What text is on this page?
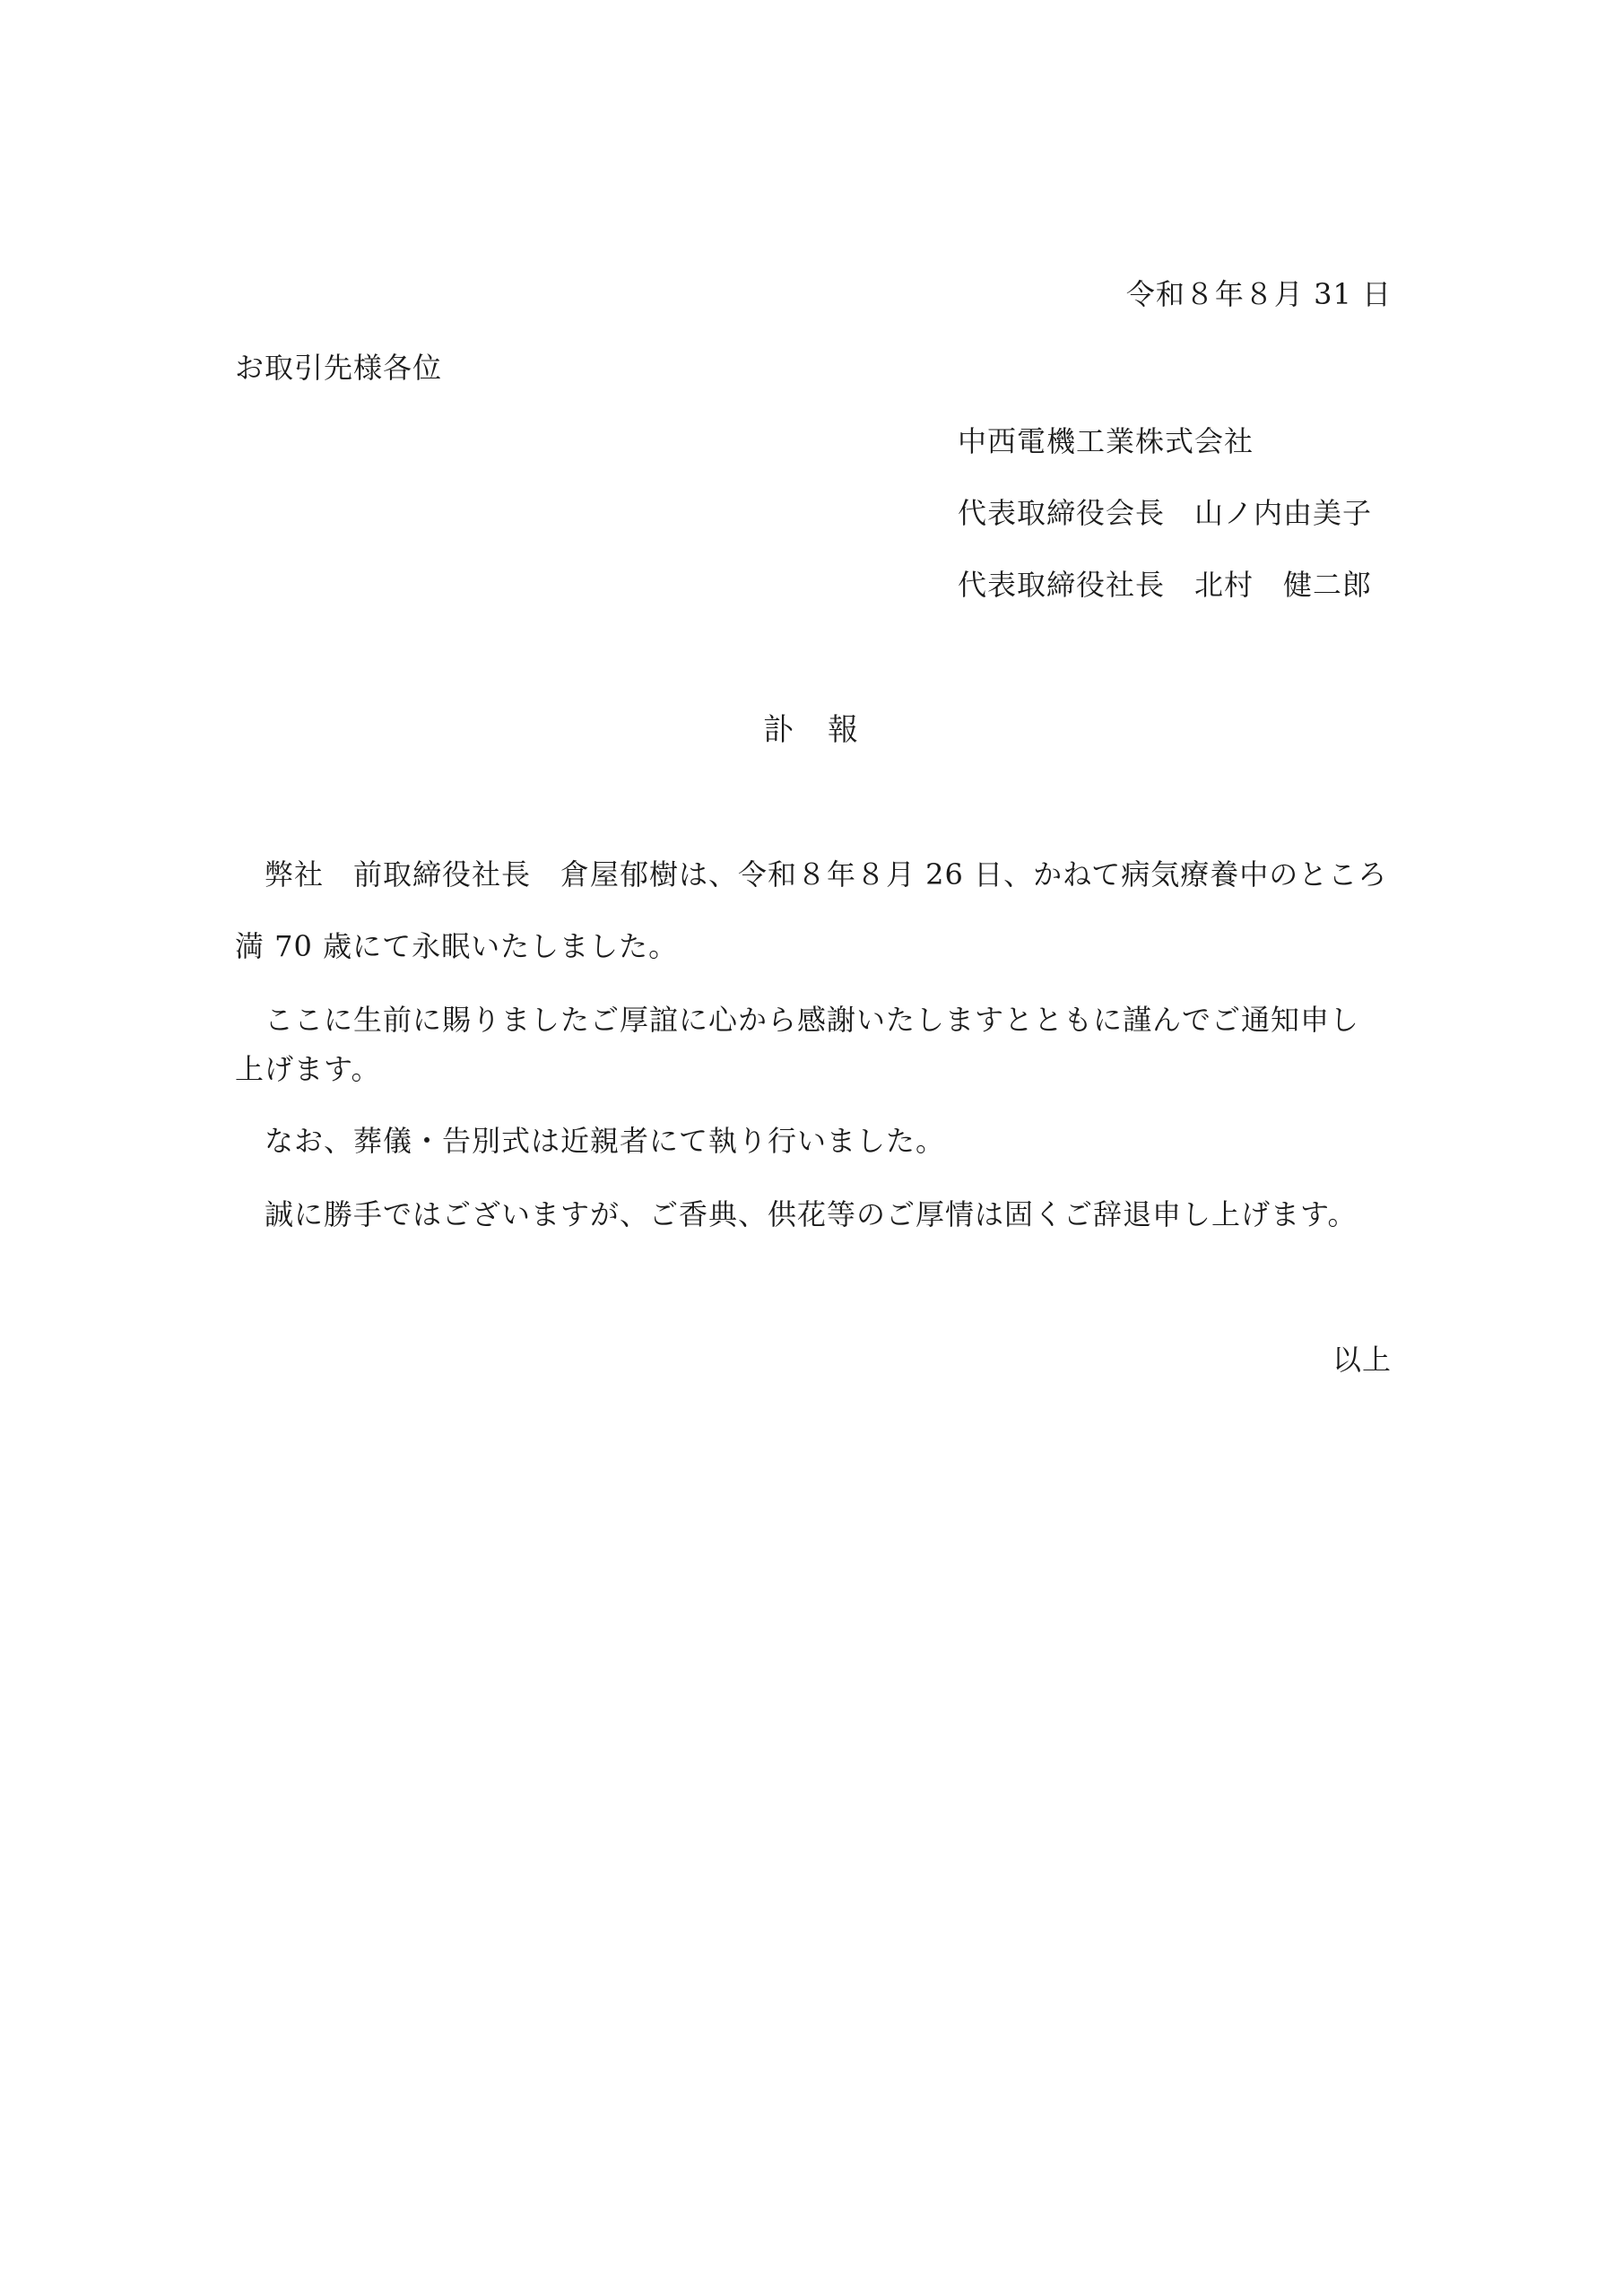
令和８年８月 31 日
お取引先様各位
中西電機工業株式会社
代表取締役会長　山ノ内由美子
代表取締役社長　北村　健二郎
訃　報
　弊社　前取締役社長　倉屋郁樹は、令和８年８月 26 日、かねて病気療養中のところ
満 70 歳にて永眠いたしました。
　ここに生前に賜りましたご厚誼に心から感謝いたしますとともに謹んでご通知申し
上げます。
　なお、葬儀・告別式は近親者にて執り行いました。
　誠に勝手ではございますが、ご香典、供花等のご厚情は固くご辞退申し上げます。
以上
